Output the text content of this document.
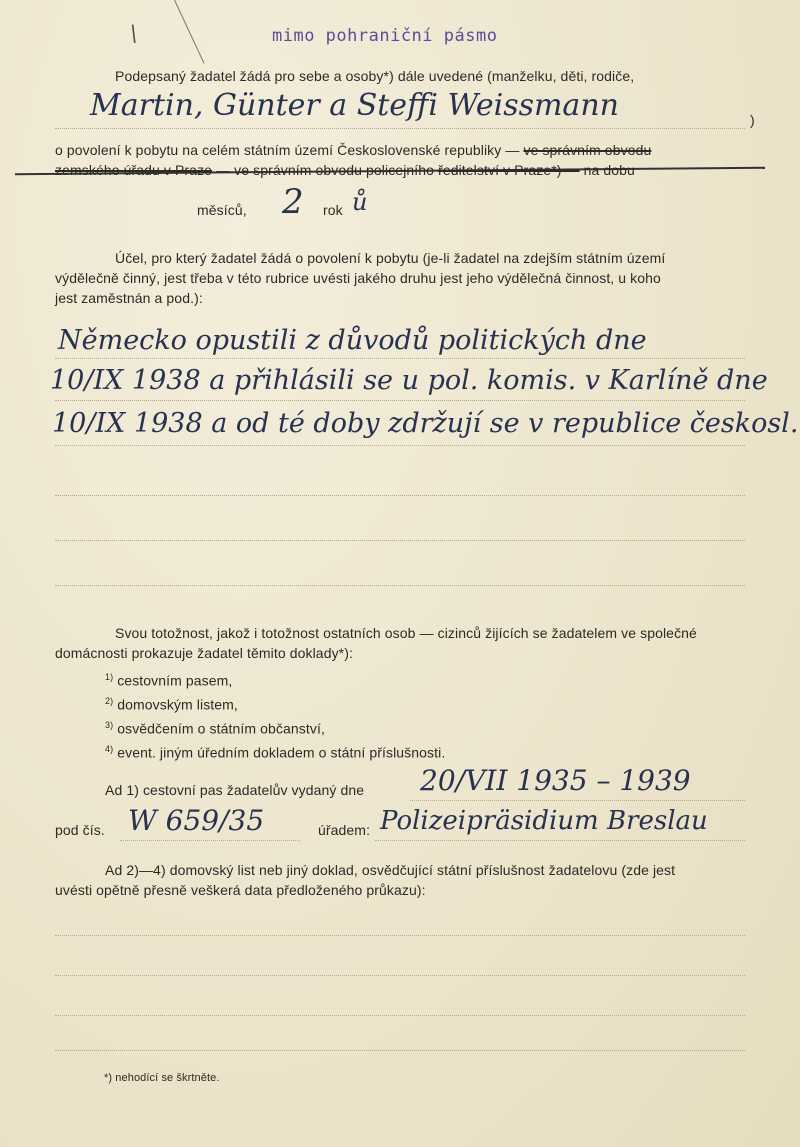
mimo pohraniční pásmo
\
Podepsaný žadatel žádá pro sebe a osoby*) dále uvedené (manželku, děti, rodiče,
Martin, Günter a Steffi Weissmann	)
o povolení k pobytu na celém státním území Československé republiky — ve správním obvodu
zemského úřadu v Praze — ve správním obvodu policejního ředitelství v Praze*) — na dobu
měsíců, 2 rok ů
Účel, pro který žadatel žádá o povolení k pobytu (je-li žadatel na zdejším státním území
výdělečně činný, jest třeba v této rubrice uvésti jakého druhu jest jeho výdělečná činnost, u koho
jest zaměstnán a pod.):
Německo opustili z důvodů politických dne
10/IX 1938 a přihlásili se u pol. komis. v Karlíně dne
10/IX 1938 a od té doby zdržují se v republice českosl.
Svou totožnost, jakož i totožnost ostatních osob — cizinců žijících se žadatelem ve společné
domácnosti prokazuje žadatel těmito doklady*):
$^{1)}$ cestovním pasem,
$^{2)}$ domovským listem,
$^{3)}$ osvědčením o státním občanství,
$^{4)}$ event. jiným úředním dokladem o státní příslušnosti.
Ad 1) cestovní pas žadatelův vydaný dne 20/VII 1935 – 1939
pod čís. W 659/35	úřadem: Polizeipräsidium Breslau
Ad 2)—4) domovský list neb jiný doklad, osvědčující státní příslušnost žadatelovu (zde jest
uvésti opětně přesně veškerá data předloženého průkazu):
*) nehodící se škrtněte.
